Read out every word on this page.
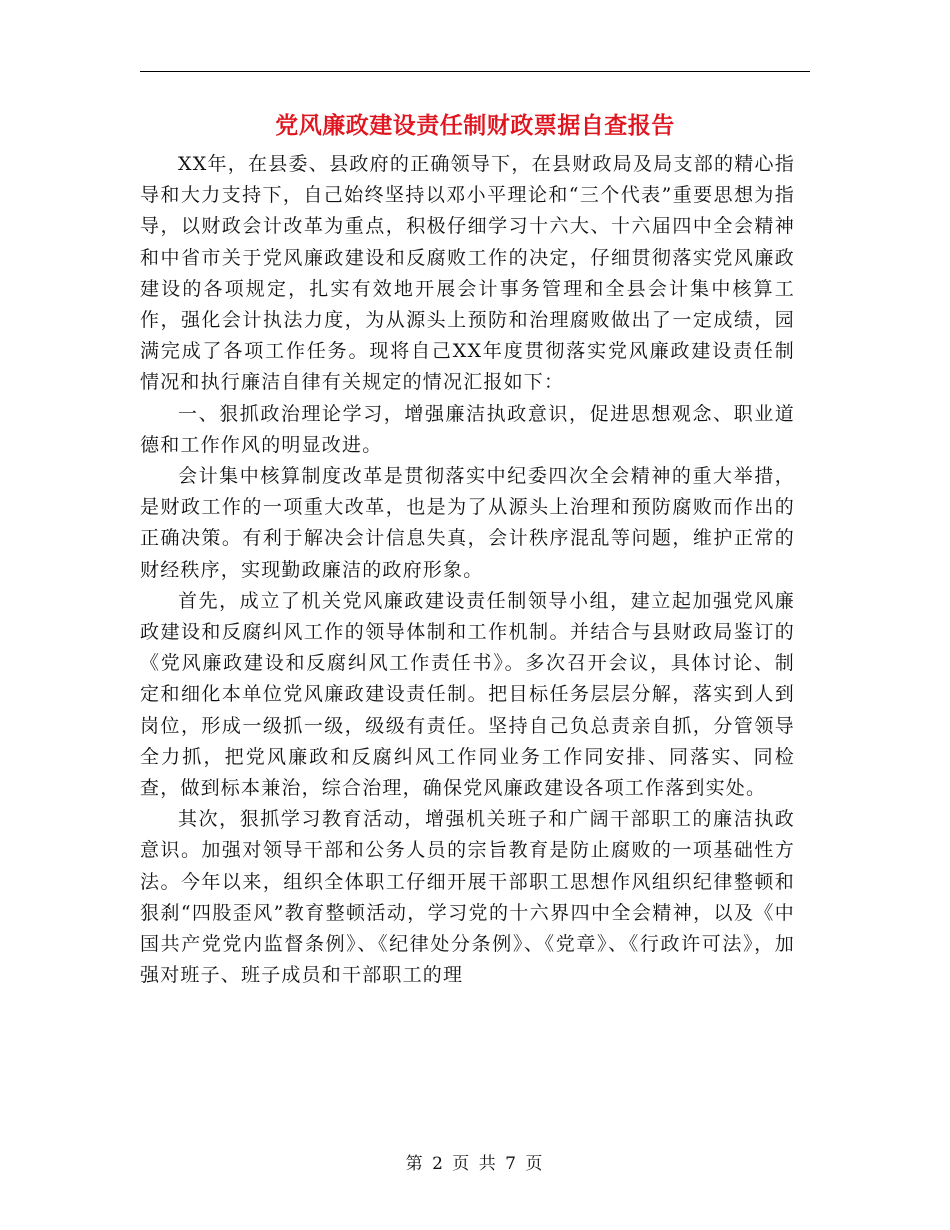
党风廉政建设责任制财政票据自查报告

XX年，在县委、县政府的正确领导下，在县财政局及局支部的精心指导和大力支持下，自己始终坚持以邓小平理论和“三个代表”重要思想为指导，以财政会计改革为重点，积极仔细学习十六大、十六届四中全会精神和中省市关于党风廉政建设和反腐败工作的决定，仔细贯彻落实党风廉政建设的各项规定，扎实有效地开展会计事务管理和全县会计集中核算工作，强化会计执法力度，为从源头上预防和治理腐败做出了一定成绩，园满完成了各项工作任务。现将自己XX年度贯彻落实党风廉政建设责任制情况和执行廉洁自律有关规定的情况汇报如下：

一、狠抓政治理论学习，增强廉洁执政意识，促进思想观念、职业道德和工作作风的明显改进。

会计集中核算制度改革是贯彻落实中纪委四次全会精神的重大举措，是财政工作的一项重大改革，也是为了从源头上治理和预防腐败而作出的正确决策。有利于解决会计信息失真，会计秩序混乱等问题，维护正常的财经秩序，实现勤政廉洁的政府形象。

首先，成立了机关党风廉政建设责任制领导小组，建立起加强党风廉政建设和反腐纠风工作的领导体制和工作机制。并结合与县财政局鉴订的《党风廉政建设和反腐纠风工作责任书》。多次召开会议，具体讨论、制定和细化本单位党风廉政建设责任制。把目标任务层层分解，落实到人到岗位，形成一级抓一级，级级有责任。坚持自己负总责亲自抓，分管领导全力抓，把党风廉政和反腐纠风工作同业务工作同安排、同落实、同检查，做到标本兼治，综合治理，确保党风廉政建设各项工作落到实处。

其次，狠抓学习教育活动，增强机关班子和广阔干部职工的廉洁执政意识。加强对领导干部和公务人员的宗旨教育是防止腐败的一项基础性方法。今年以来，组织全体职工仔细开展干部职工思想作风组织纪律整顿和狠刹“四股歪风”教育整顿活动，学习党的十六界四中全会精神，以及《中国共产党党内监督条例》、《纪律处分条例》、《党章》、《行政许可法》，加强对班子、班子成员和干部职工的理

第 2 页 共 7 页
